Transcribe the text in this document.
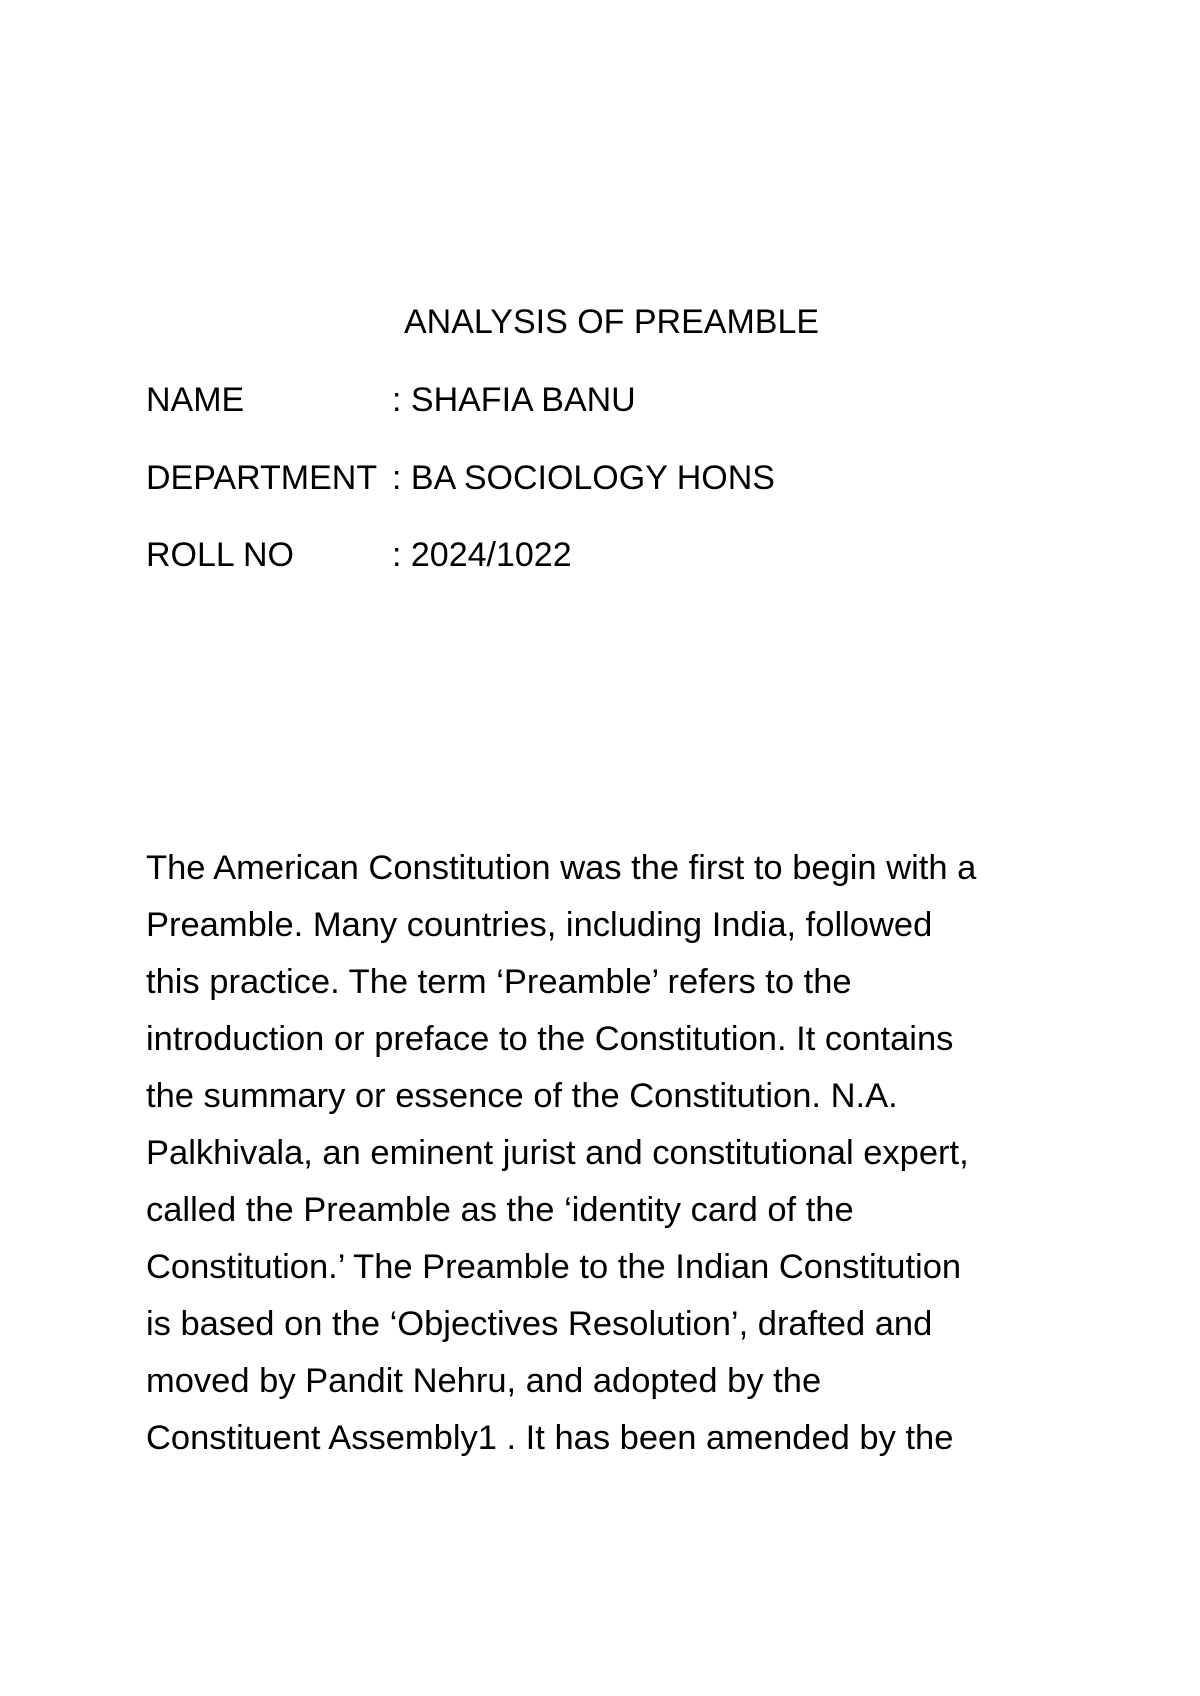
ANALYSIS OF PREAMBLE
NAME	: SHAFIA BANU
DEPARTMENT : BA SOCIOLOGY HONS
ROLL NO	: 2024/1022
The American Constitution was the first to begin with a
Preamble. Many countries, including India, followed
this practice. The term ‘Preamble’ refers to the
introduction or preface to the Constitution. It contains
the summary or essence of the Constitution. N.A.
Palkhivala, an eminent jurist and constitutional expert,
called the Preamble as the ‘identity card of the
Constitution.’ The Preamble to the Indian Constitution
is based on the ‘Objectives Resolution’, drafted and
moved by Pandit Nehru, and adopted by the
Constituent Assembly1 . It has been amended by the
